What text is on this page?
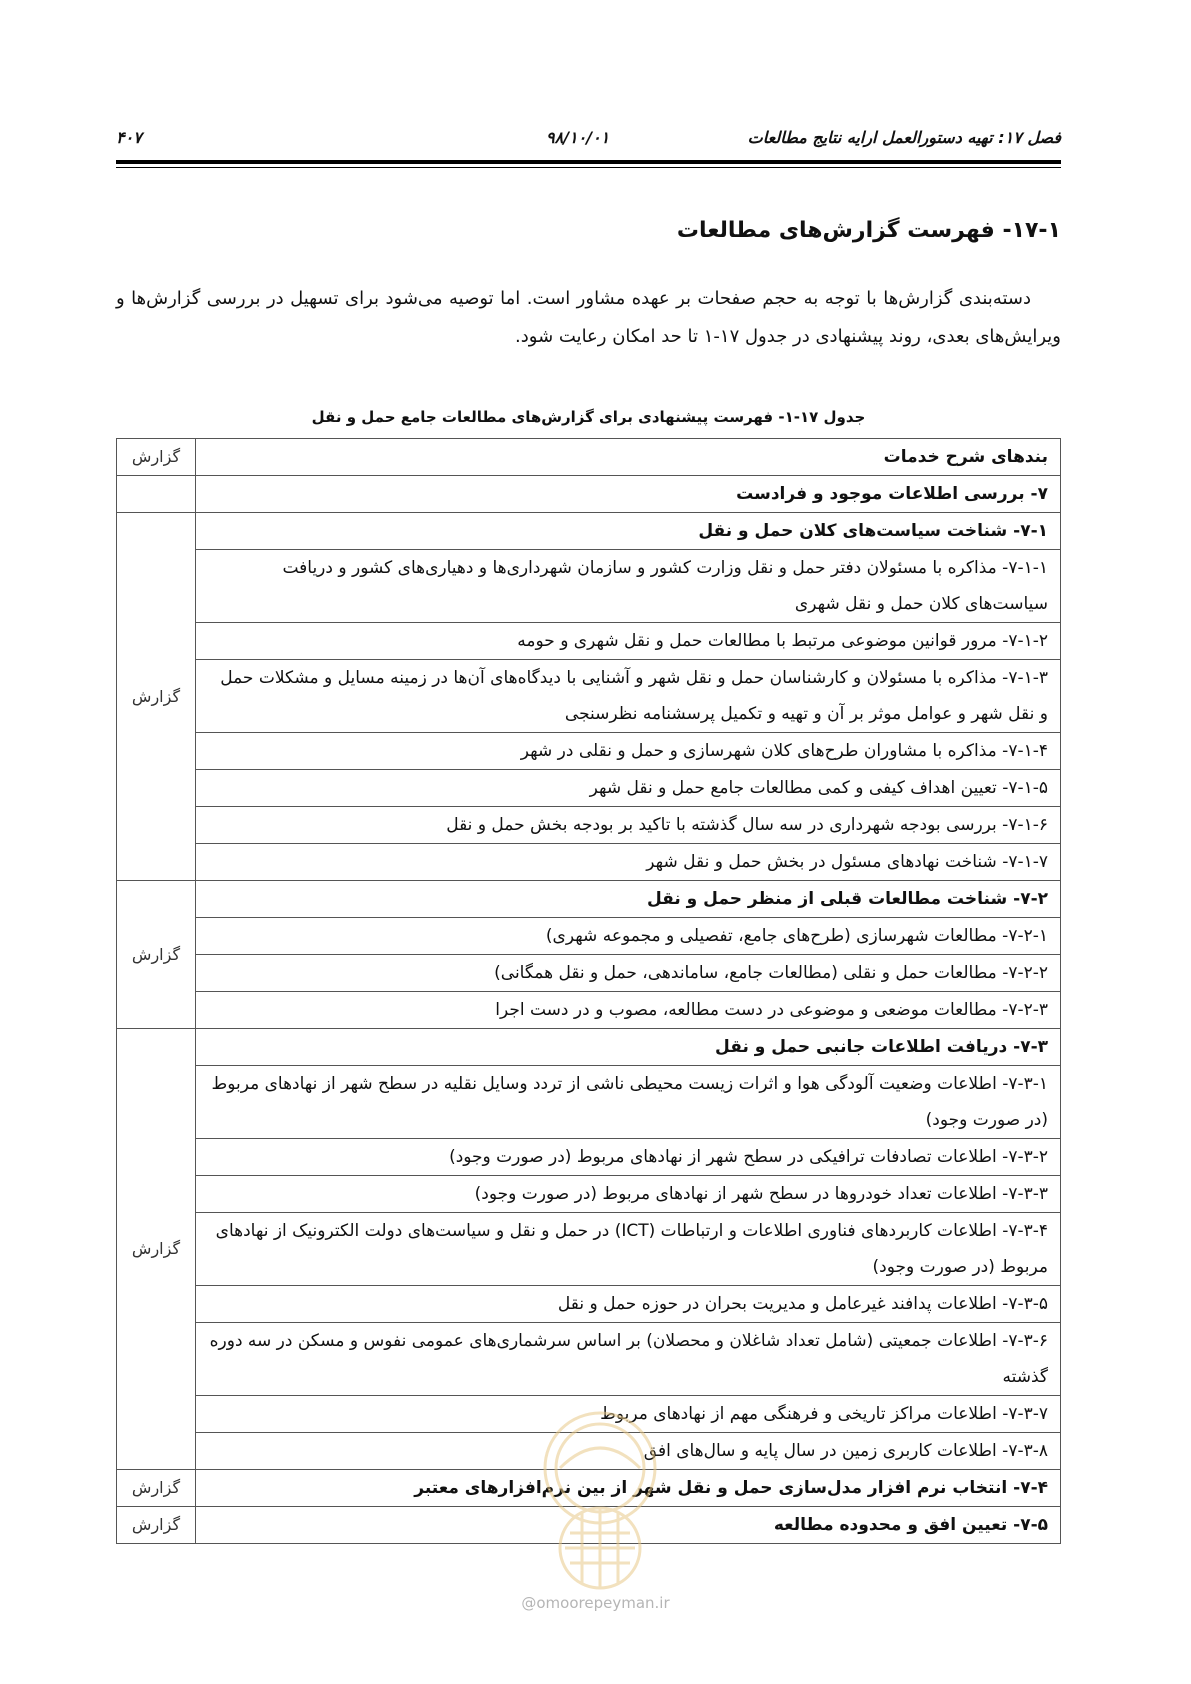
فصل ۱۷: تهیه دستورالعمل ارایه نتایج مطالعات
۹۸/۱۰/۰۱
۴۰۷
۱۷-۱- فهرست گزارش‌های مطالعات
دسته‌بندی گزارش‌ها با توجه به حجم صفحات بر عهده مشاور است. اما توصیه می‌شود برای تسهیل در بررسی گزارش‌ها و ویرایش‌های بعدی، روند پیشنهادی در جدول ۱۷-۱ تا حد امکان رعایت شود.
جدول ۱۷-۱- فهرست پیشنهادی برای گزارش‌های مطالعات جامع حمل و نقل
بندهای شرح خدمات	گزارش
۷- بررسی اطلاعات موجود و فرادست	
۷-۱- شناخت سیاست‌های کلان حمل و نقل	گزارش
۷-۱-۱- مذاکره با مسئولان دفتر حمل و نقل وزارت کشور و سازمان شهرداری‌ها و دهیاری‌های کشور و دریافت سیاست‌های کلان حمل و نقل شهری	
۷-۱-۲- مرور قوانین موضوعی مرتبط با مطالعات حمل و نقل شهری و حومه	
۷-۱-۳- مذاکره با مسئولان و کارشناسان حمل و نقل شهر و آشنایی با دیدگاه‌های آن‌ها در زمینه مسایل و مشکلات حمل و نقل شهر و عوامل موثر بر آن و تهیه و تکمیل پرسشنامه نظرسنجی	
۷-۱-۴- مذاکره با مشاوران طرح‌های کلان شهرسازی و حمل و نقلی در شهر	
۷-۱-۵- تعیین اهداف کیفی و کمی مطالعات جامع حمل و نقل شهر	
۷-۱-۶- بررسی بودجه شهرداری در سه سال گذشته با تاکید بر بودجه بخش حمل و نقل	
۷-۱-۷- شناخت نهادهای مسئول در بخش حمل و نقل شهر	
۷-۲- شناخت مطالعات قبلی از منظر حمل و نقل	گزارش
۷-۲-۱- مطالعات شهرسازی (طرح‌های جامع، تفصیلی و مجموعه شهری)	
۷-۲-۲- مطالعات حمل و نقلی (مطالعات جامع، ساماندهی، حمل و نقل همگانی)	
۷-۲-۳- مطالعات موضعی و موضوعی در دست مطالعه، مصوب و در دست اجرا	
۷-۳- دریافت اطلاعات جانبی حمل و نقل	گزارش
۷-۳-۱- اطلاعات وضعیت آلودگی هوا و اثرات زیست محیطی ناشی از تردد وسایل نقلیه در سطح شهر از نهادهای مربوط (در صورت وجود)	
۷-۳-۲- اطلاعات تصادفات ترافیکی در سطح شهر از نهادهای مربوط (در صورت وجود)	
۷-۳-۳- اطلاعات تعداد خودروها در سطح شهر از نهادهای مربوط (در صورت وجود)	
۷-۳-۴- اطلاعات کاربردهای فناوری اطلاعات و ارتباطات (ICT) در حمل و نقل و سیاست‌های دولت الکترونیک از نهادهای مربوط (در صورت وجود)	
۷-۳-۵- اطلاعات پدافند غیرعامل و مدیریت بحران در حوزه حمل و نقل	
۷-۳-۶- اطلاعات جمعیتی (شامل تعداد شاغلان و محصلان) بر اساس سرشماری‌های عمومی نفوس و مسکن در سه دوره گذشته	
۷-۳-۷- اطلاعات مراکز تاریخی و فرهنگی مهم از نهادهای مربوط	
۷-۳-۸- اطلاعات کاربری زمین در سال پایه و سال‌های افق	
۷-۴- انتخاب نرم افزار مدل‌سازی حمل و نقل شهر از بین نرم‌افزارهای معتبر	گزارش
۷-۵- تعیین افق و محدوده مطالعه	گزارش
@omoorepeyman.ir
